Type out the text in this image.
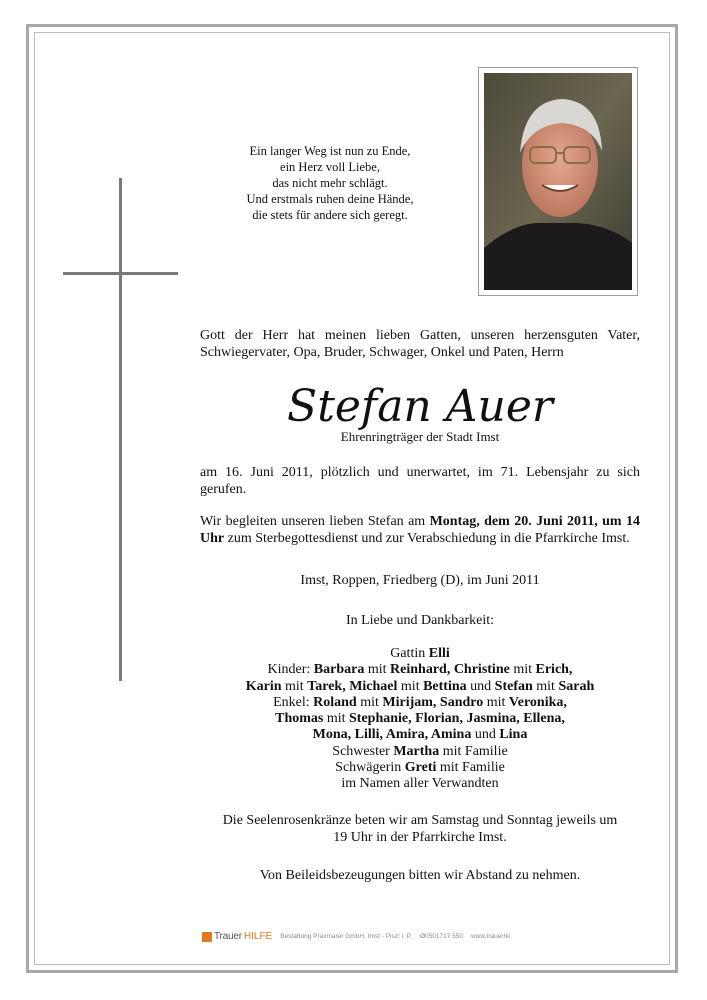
Ein langer Weg ist nun zu Ende,
ein Herz voll Liebe,
das nicht mehr schlägt.
Und erstmals ruhen deine Hände,
die stets für andere sich geregt.
Gott der Herr hat meinen lieben Gatten, unseren herzensguten Vater, Schwiegervater, Opa, Bruder, Schwager, Onkel und Paten, Herrn
Stefan Auer
Ehrenringträger der Stadt Imst
am 16. Juni 2011, plötzlich und unerwartet, im 71. Lebensjahr zu sich gerufen.
Wir begleiten unseren lieben Stefan am Montag, dem 20. Juni 2011, um 14 Uhr zum Sterbegottesdienst und zur Verabschiedung in die Pfarrkirche Imst.
Imst, Roppen, Friedberg (D), im Juni 2011
In Liebe und Dankbarkeit:
Gattin Elli
Kinder: Barbara mit Reinhard, Christine mit Erich,
Karin mit Tarek, Michael mit Bettina und Stefan mit Sarah
Enkel: Roland mit Mirijam, Sandro mit Veronika,
Thomas mit Stephanie, Florian, Jasmina, Ellena,
Mona, Lilli, Amira, Amina und Lina
Schwester Martha mit Familie
Schwägerin Greti mit Familie
im Namen aller Verwandten
Die Seelenrosenkränze beten wir am Samstag und Sonntag jeweils um 19 Uhr in der Pfarrkirche Imst.
Von Beileidsbezeugungen bitten wir Abstand zu nehmen.
Trauer HILFE Bestattung Praxmarer GmbH, Imst - Pisz! i. P. Ø0501717 550 www.trauerhil
